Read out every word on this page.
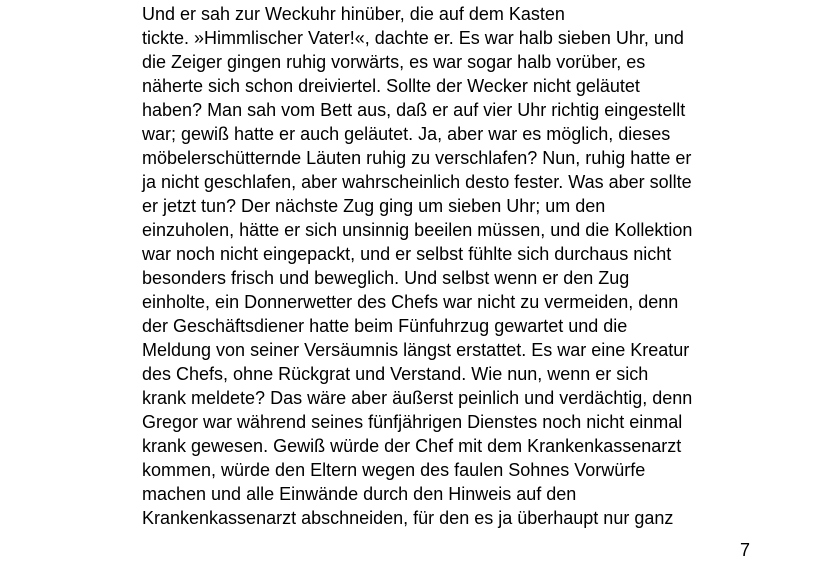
Und er sah zur Weckuhr hinüber, die auf dem Kasten
tickte. »Himmlischer Vater!«, dachte er. Es war halb sieben Uhr, und
die Zeiger gingen ruhig vorwärts, es war sogar halb vorüber, es
näherte sich schon dreiviertel. Sollte der Wecker nicht geläutet
haben? Man sah vom Bett aus, daß er auf vier Uhr richtig eingestellt
war; gewiß hatte er auch geläutet. Ja, aber war es möglich, dieses
möbelerschütternde Läuten ruhig zu verschlafen? Nun, ruhig hatte er
ja nicht geschlafen, aber wahrscheinlich desto fester. Was aber sollte
er jetzt tun? Der nächste Zug ging um sieben Uhr; um den
einzuholen, hätte er sich unsinnig beeilen müssen, und die Kollektion
war noch nicht eingepackt, und er selbst fühlte sich durchaus nicht
besonders frisch und beweglich. Und selbst wenn er den Zug
einholte, ein Donnerwetter des Chefs war nicht zu vermeiden, denn
der Geschäftsdiener hatte beim Fünfuhrzug gewartet und die
Meldung von seiner Versäumnis längst erstattet. Es war eine Kreatur
des Chefs, ohne Rückgrat und Verstand. Wie nun, wenn er sich
krank meldete? Das wäre aber äußerst peinlich und verdächtig, denn
Gregor war während seines fünfjährigen Dienstes noch nicht einmal
krank gewesen. Gewiß würde der Chef mit dem Krankenkassenarzt
kommen, würde den Eltern wegen des faulen Sohnes Vorwürfe
machen und alle Einwände durch den Hinweis auf den
Krankenkassenarzt abschneiden, für den es ja überhaupt nur ganz
7
